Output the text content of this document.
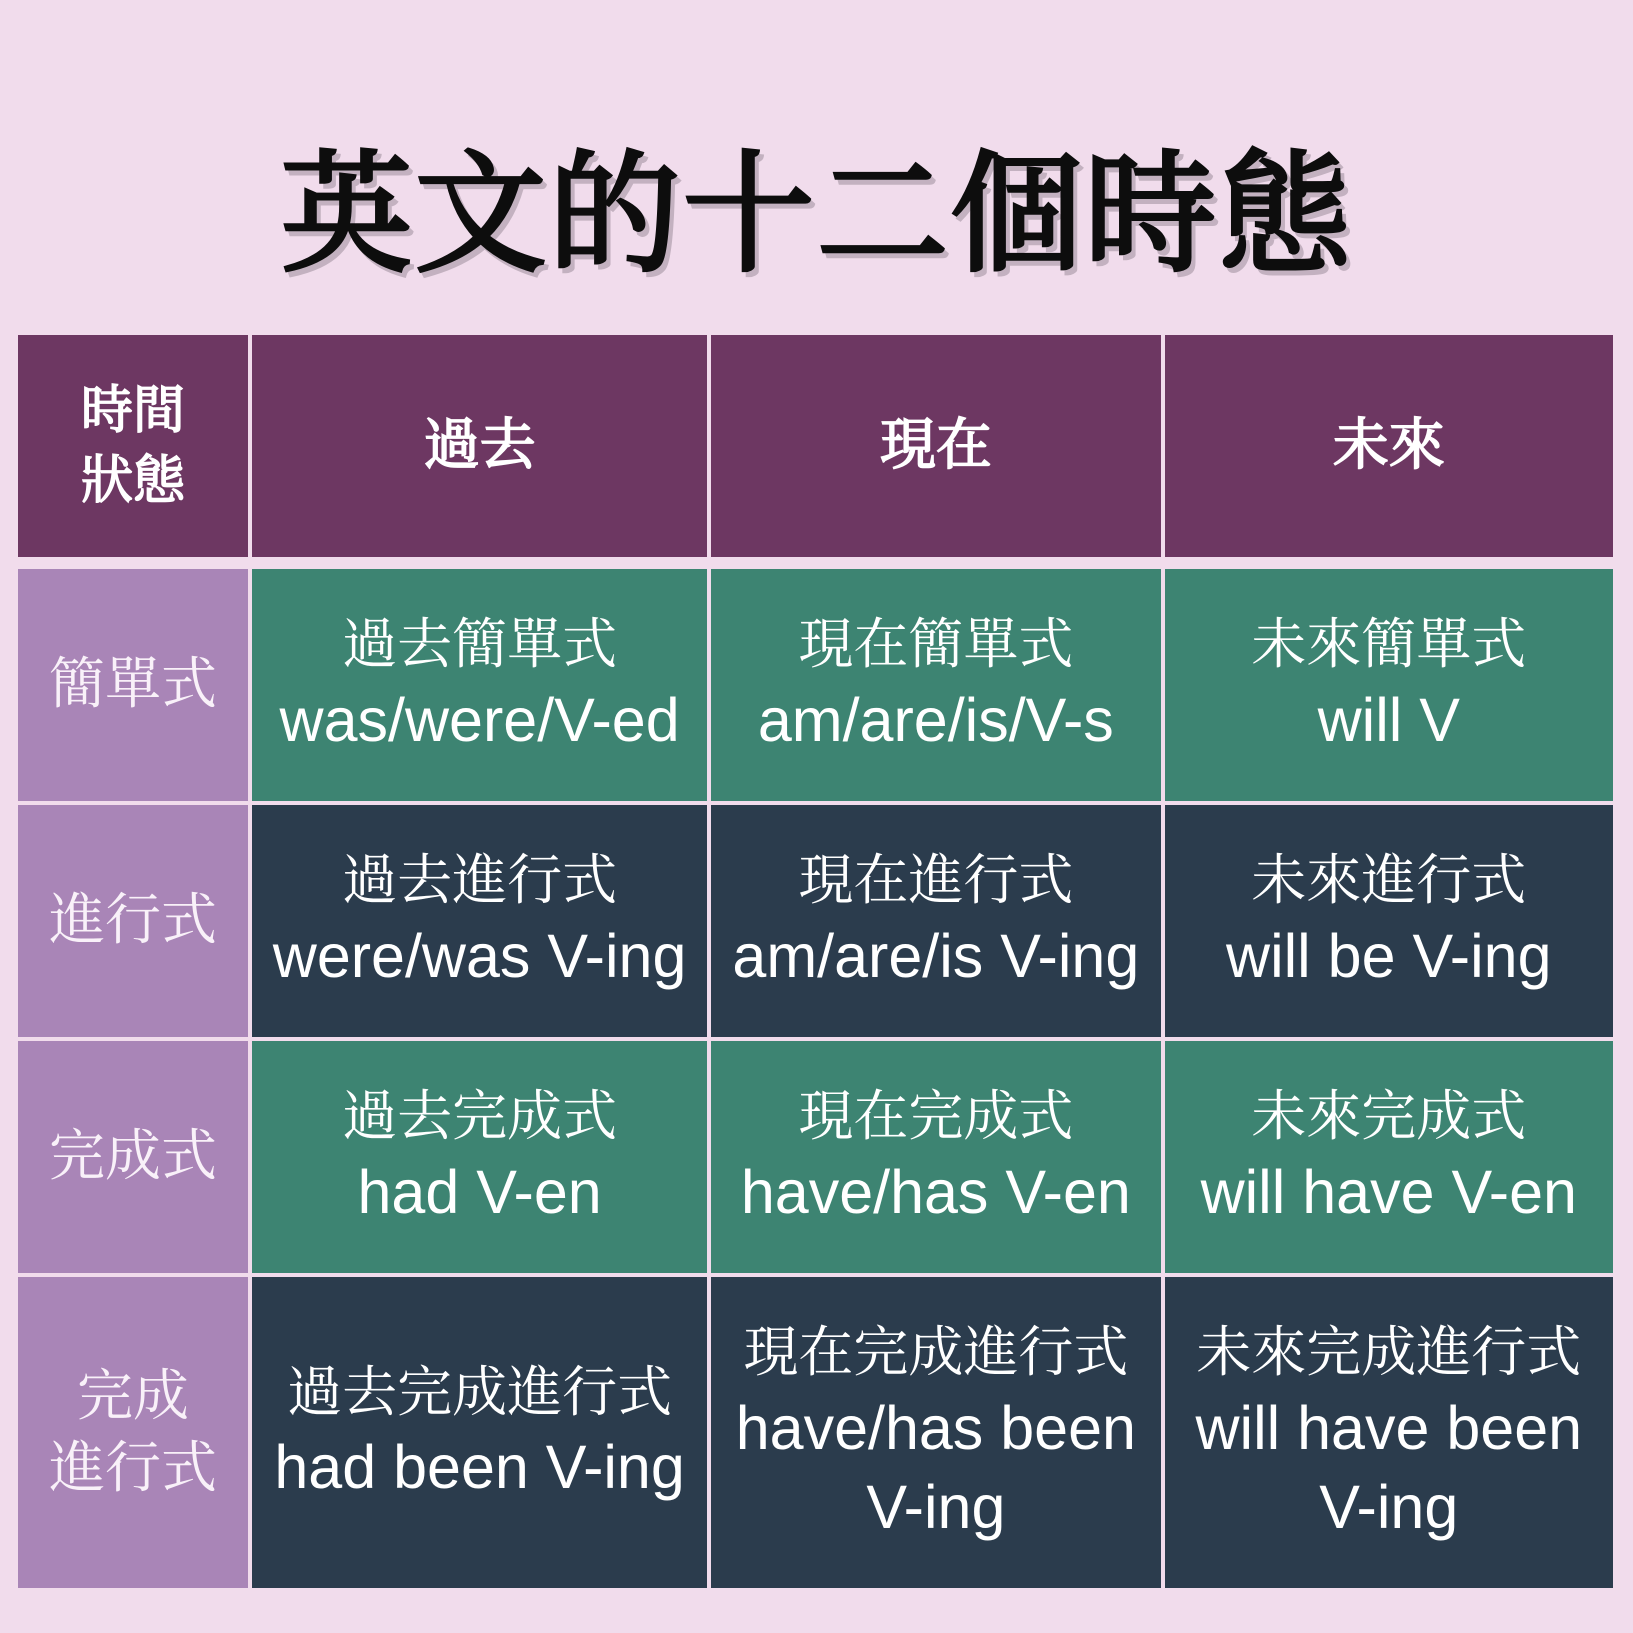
英文的十二個時態
時間
狀態
過去	現在	未來
簡單式
過去簡單式
was/were/V-ed
現在簡單式
am/are/is/V-s
未來簡單式
will V
進行式
過去進行式
were/was V-ing
現在進行式
am/are/is V-ing
未來進行式
will be V-ing
完成式
過去完成式
had V-en
現在完成式
have/has V-en
未來完成式
will have V-en
完成
進行式
過去完成進行式
had been V-ing
現在完成進行式
have/has been V-ing
未來完成進行式
will have been V-ing
